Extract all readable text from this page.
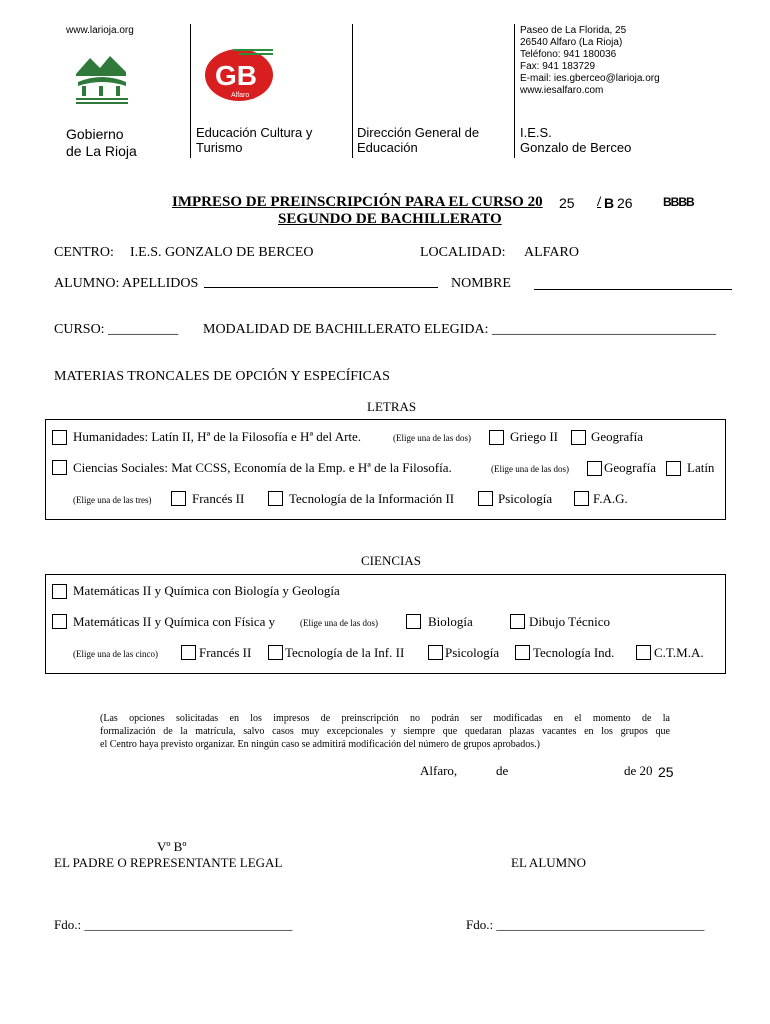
www.larioja.org
Gobierno
de La Rioja
GB
Alfaro
Educación Cultura y
Turismo
Dirección General de
Educación
Paseo de La Florida, 25
26540 Alfaro (La Rioja)
Teléfono: 941 180036
Fax: 941 183729
E-mail: ies.gberceo@larioja.org
www.iesalfaro.com
I.E.S.
Gonzalo de Berceo
IMPRESO DE PREINSCRIPCIÓN PARA EL CURSO 20 25 / B 26	BBBB
SEGUNDO DE BACHILLERATO
CENTRO: I.E.S. GONZALO DE BERCEO	LOCALIDAD: ALFARO
ALUMNO: APELLIDOS	NOMBRE
CURSO: __________ MODALIDAD DE BACHILLERATO ELEGIDA: ________________________________
MATERIAS TRONCALES DE OPCIÓN Y ESPECÍFICAS
LETRAS
Humanidades: Latín II, Hª de la Filosofía e Hª del Arte.	(Elige una de las dos)	Griego II	Geografía
Ciencias Sociales: Mat CCSS, Economía de la Emp. e Hª de la Filosofía.	(Elige una de las dos)	Geografía Latín
(Elige una de las tres)	Francés II	Tecnología de la Información II	Psicología	F.A.G.
CIENCIAS
Matemáticas II y Química con Biología y Geología
Matemáticas II y Química con Física y	(Elige una de las dos)	Biología	Dibujo Técnico
(Elige una de las cinco)	Francés II	Tecnología de la Inf. II	Psicología	Tecnología Ind.	C.T.M.A.
(Las opciones solicitadas en los impresos de preinscripción no podrán ser modificadas en el momento de la
formalización de la matrícula, salvo casos muy excepcionales y siempre que quedaran plazas vacantes en los grupos que
el Centro haya previsto organizar. En ningún caso se admitirá modificación del número de grupos aprobados.)
Alfaro,	de	de 20 25
Vº Bº
EL PADRE O REPRESENTANTE LEGAL	EL ALUMNO
Fdo.: ________________________________	Fdo.: ________________________________
